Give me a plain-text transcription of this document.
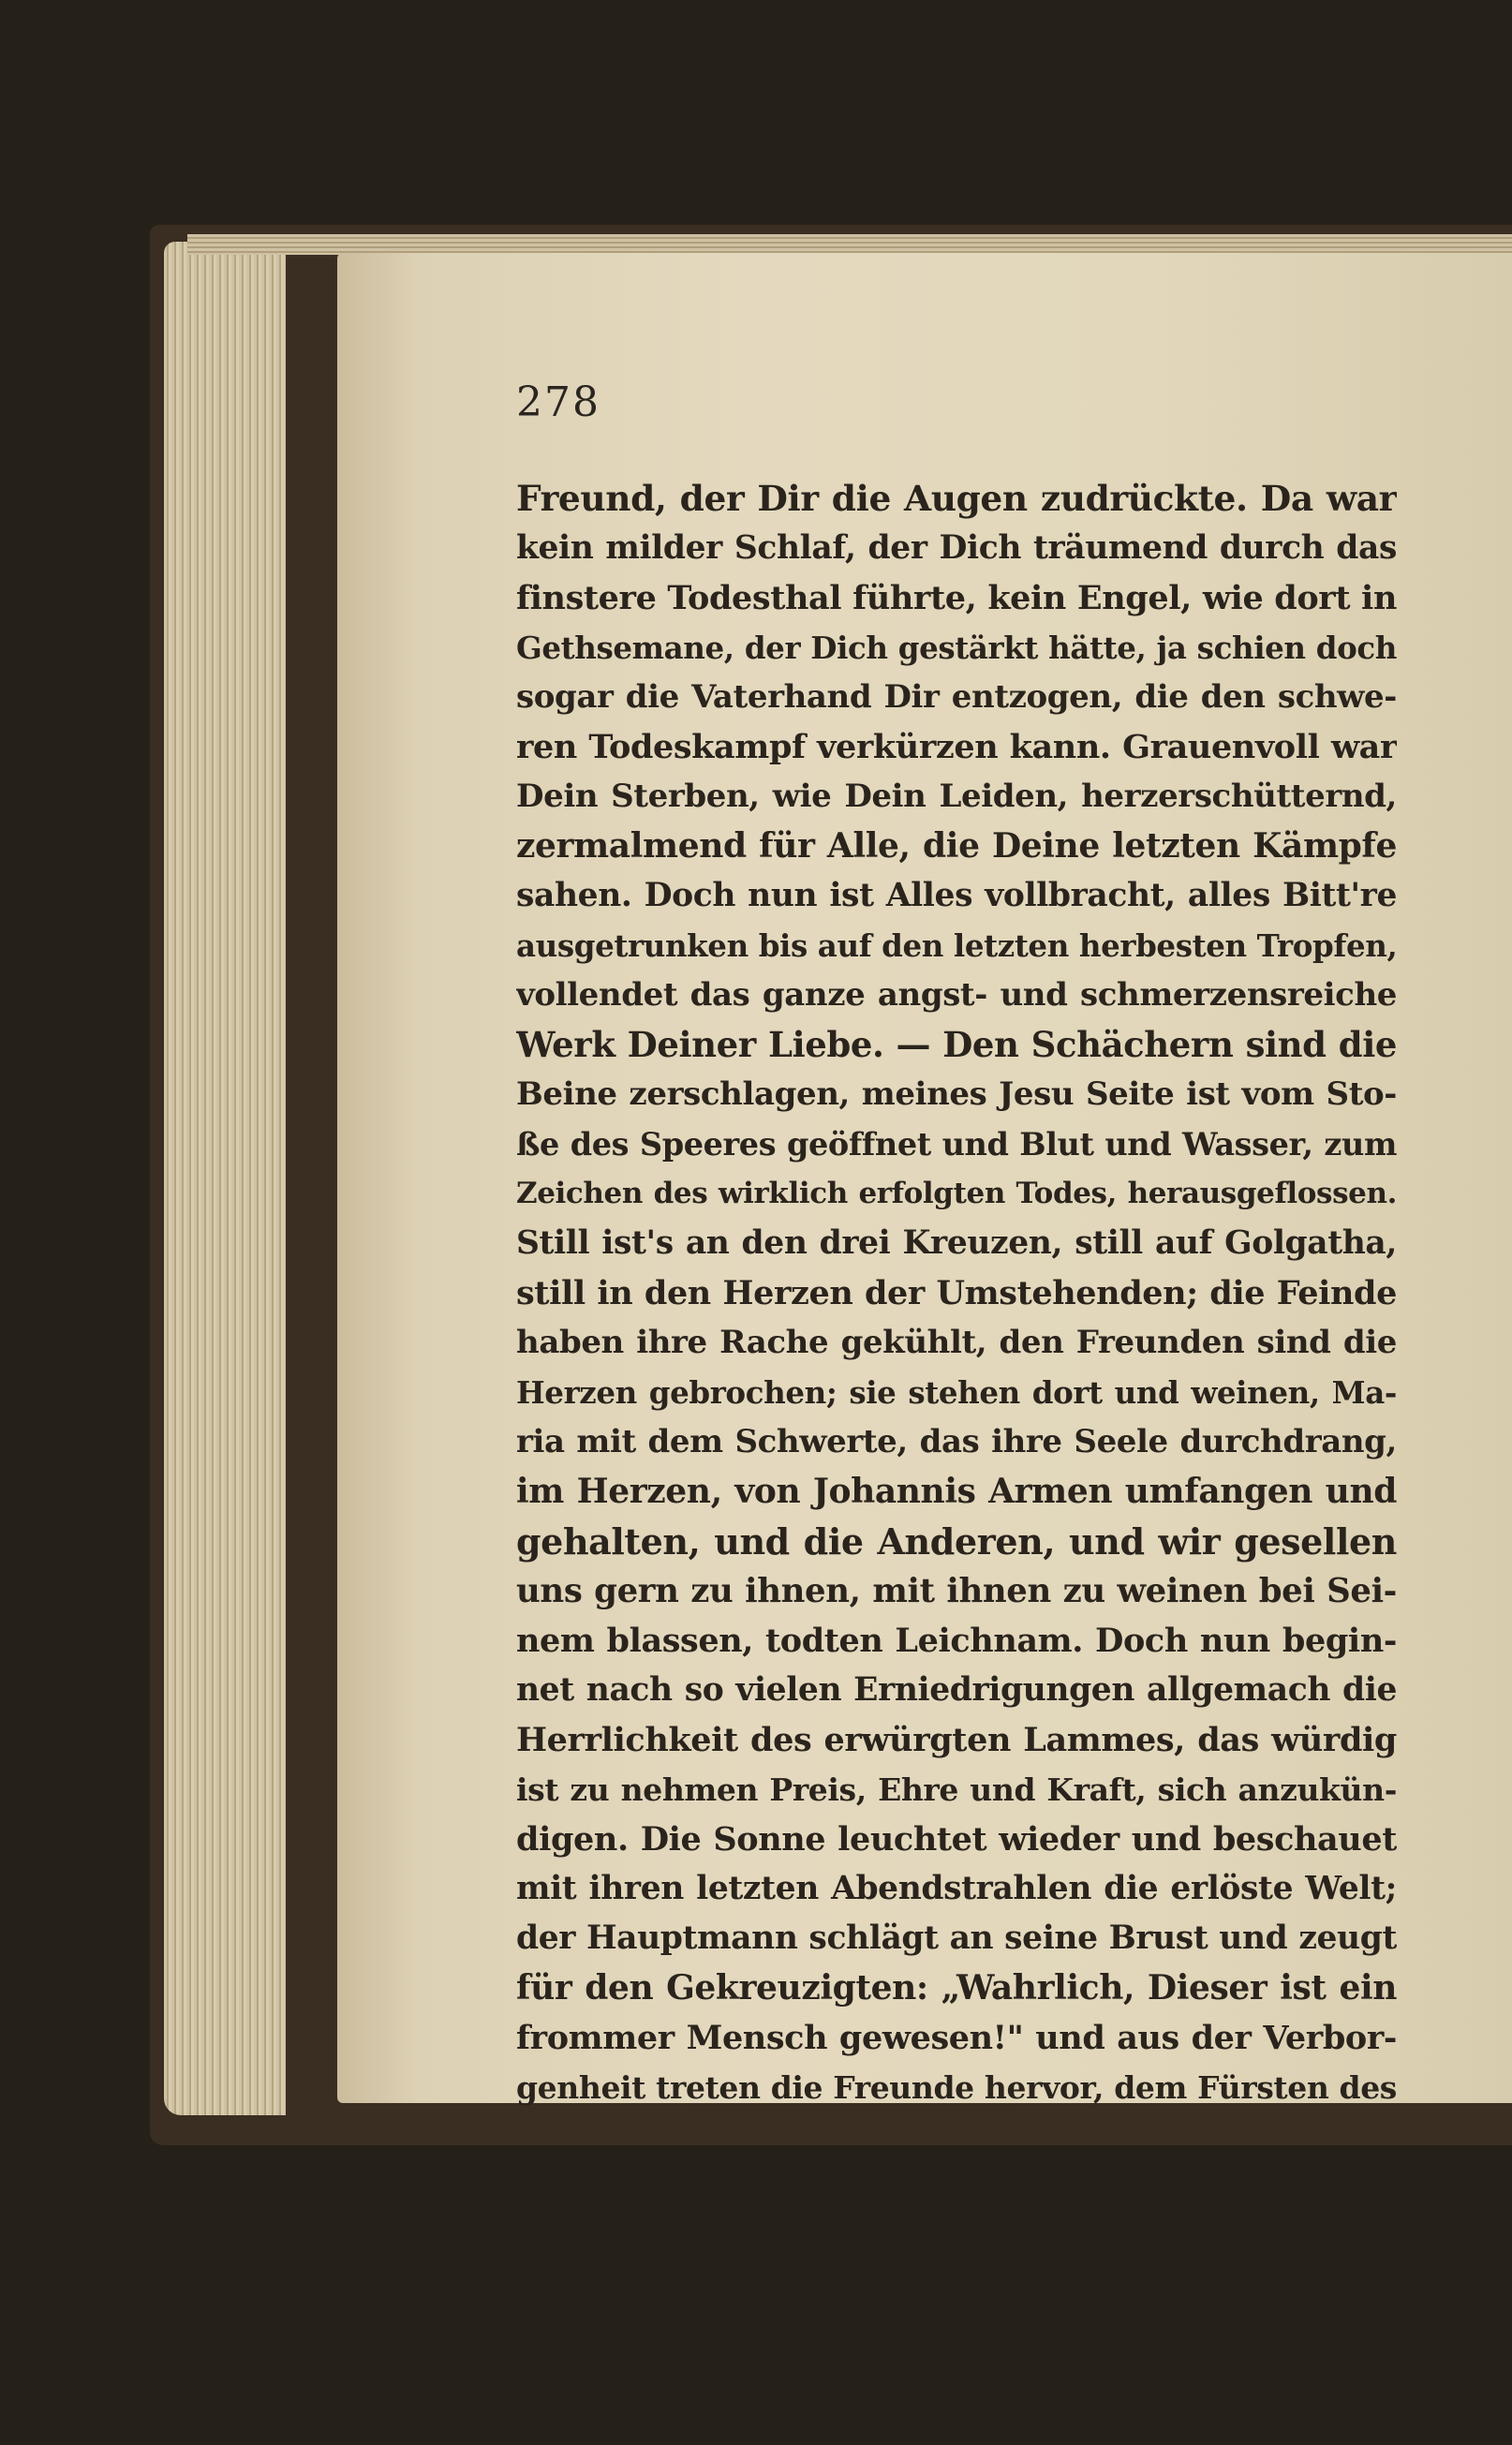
278
Freund, der Dir die Augen zudrückte. Da war
kein milder Schlaf, der Dich träumend durch das
finstere Todesthal führte, kein Engel, wie dort in
Gethsemane, der Dich gestärkt hätte, ja schien doch
sogar die Vaterhand Dir entzogen, die den schwe-
ren Todeskampf verkürzen kann. Grauenvoll war
Dein Sterben, wie Dein Leiden, herzerschütternd,
zermalmend für Alle, die Deine letzten Kämpfe
sahen. Doch nun ist Alles vollbracht, alles Bitt're
ausgetrunken bis auf den letzten herbesten Tropfen,
vollendet das ganze angst- und schmerzensreiche
Werk Deiner Liebe. — Den Schächern sind die
Beine zerschlagen, meines Jesu Seite ist vom Sto-
ße des Speeres geöffnet und Blut und Wasser, zum
Zeichen des wirklich erfolgten Todes, herausgeflossen.
Still ist's an den drei Kreuzen, still auf Golgatha,
still in den Herzen der Umstehenden; die Feinde
haben ihre Rache gekühlt, den Freunden sind die
Herzen gebrochen; sie stehen dort und weinen, Ma-
ria mit dem Schwerte, das ihre Seele durchdrang,
im Herzen, von Johannis Armen umfangen und
gehalten, und die Anderen, und wir gesellen
uns gern zu ihnen, mit ihnen zu weinen bei Sei-
nem blassen, todten Leichnam. Doch nun begin-
net nach so vielen Erniedrigungen allgemach die
Herrlichkeit des erwürgten Lammes, das würdig
ist zu nehmen Preis, Ehre und Kraft, sich anzukün-
digen. Die Sonne leuchtet wieder und beschauet
mit ihren letzten Abendstrahlen die erlöste Welt;
der Hauptmann schlägt an seine Brust und zeugt
für den Gekreuzigten: „Wahrlich, Dieser ist ein
frommer Mensch gewesen!" und aus der Verbor-
genheit treten die Freunde hervor, dem Fürsten des
